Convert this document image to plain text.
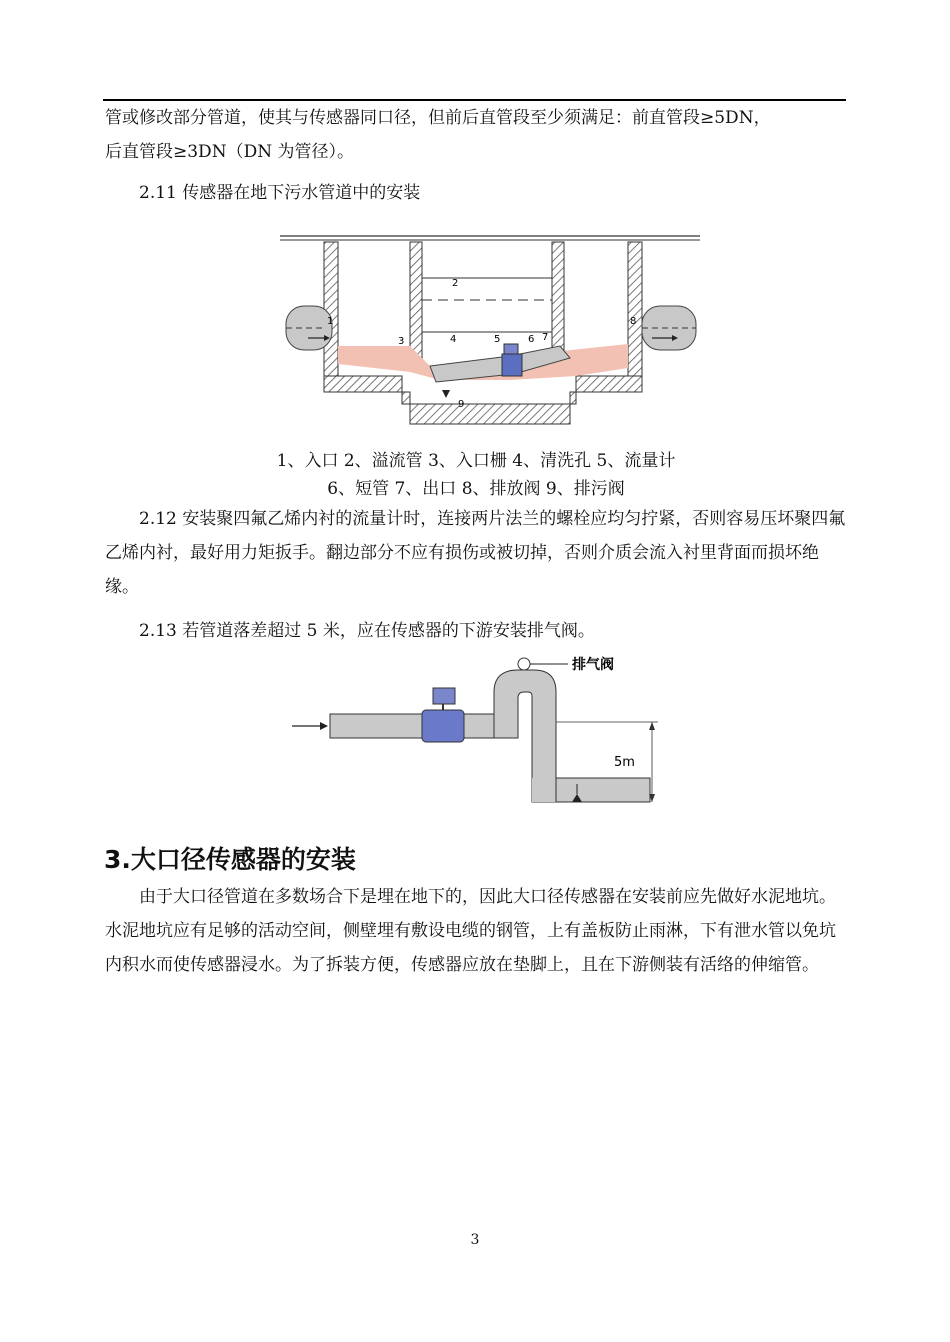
管或修改部分管道，使其与传感器同口径，但前后直管段至少须满足：前直管段≥5DN，
后直管段≥3DN（DN 为管径）。

2.11 传感器在地下污水管道中的安装

1
2
3	4	5	6 7
8
9
1、入口 2、溢流管 3、入口栅 4、清洗孔 5、流量计
6、短管 7、出口 8、排放阀 9、排污阀

2.12 安装聚四氟乙烯内衬的流量计时，连接两片法兰的螺栓应均匀拧紧，否则容易压坏聚四氟乙烯内衬，最好用力矩扳手。翻边部分不应有损伤或被切掉，否则介质会流入衬里背面而损坏绝缘。

2.13 若管道落差超过 5 米，应在传感器的下游安装排气阀。

排气阀
5m
3.大口径传感器的安装

由于大口径管道在多数场合下是埋在地下的，因此大口径传感器在安装前应先做好水泥地坑。水泥地坑应有足够的活动空间，侧壁埋有敷设电缆的钢管，上有盖板防止雨淋，下有泄水管以免坑内积水而使传感器浸水。为了拆装方便，传感器应放在垫脚上，且在下游侧装有活络的伸缩管。

3
